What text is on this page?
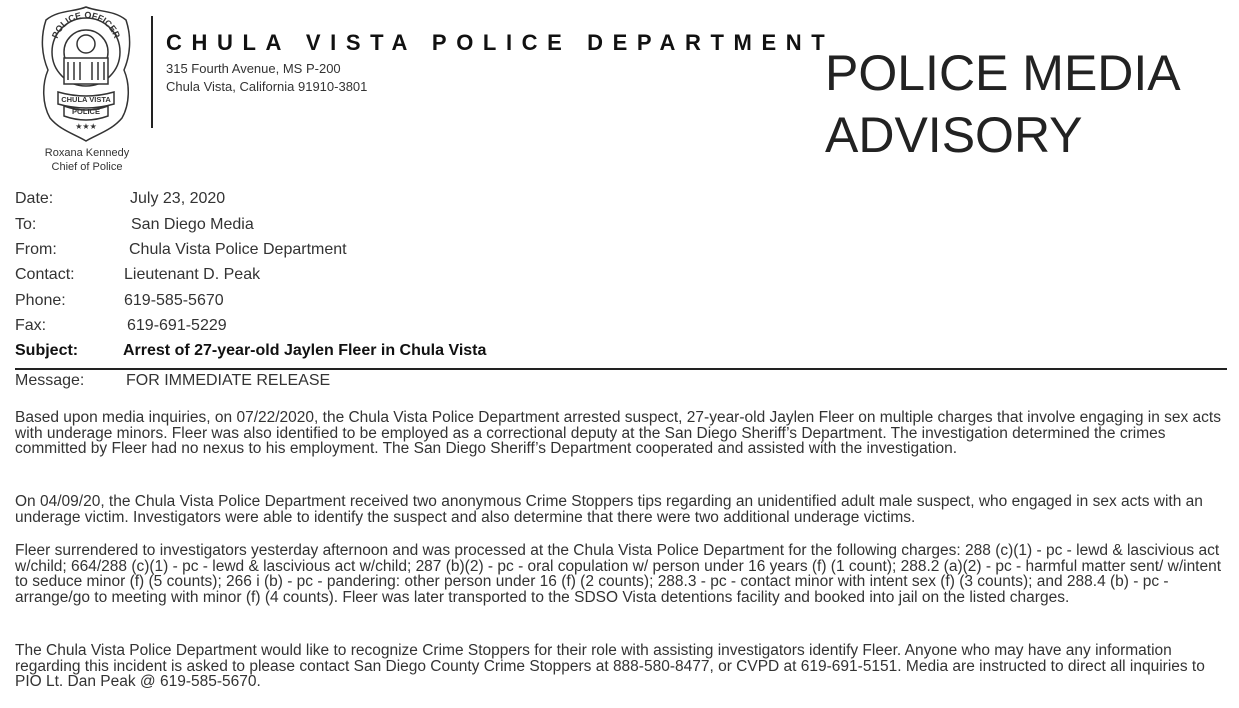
POLICE OFFICER
CHULA VISTA
POLICE
★★★
Roxana Kennedy
Chief of Police
CHULA VISTA POLICE DEPARTMENT
315 Fourth Avenue, MS P-200
Chula Vista, California 91910-3801	POLICE MEDIA
ADVISORY
Date:	July 23, 2020
To:	San Diego Media
From:	Chula Vista Police Department
Contact:	Lieutenant D. Peak
Phone:	619-585-5670
Fax:	619-691-5229
Subject:	Arrest of 27-year-old Jaylen Fleer in Chula Vista
Message:	FOR IMMEDIATE RELEASE

Based upon media inquiries, on 07/22/2020, the Chula Vista Police Department arrested suspect, 27-year-old Jaylen Fleer on multiple charges that involve engaging in sex acts with underage minors. Fleer was also identified to be employed as a correctional deputy at the San Diego Sheriff’s Department. The investigation determined the crimes committed by Fleer had no nexus to his employment. The San Diego Sheriff’s Department cooperated and assisted with the investigation.

On 04/09/20, the Chula Vista Police Department received two anonymous Crime Stoppers tips regarding an unidentified adult male suspect, who engaged in sex acts with an underage victim. Investigators were able to identify the suspect and also determine that there were two additional underage victims.

Fleer surrendered to investigators yesterday afternoon and was processed at the Chula Vista Police Department for the following charges: 288 (c)(1) - pc - lewd & lascivious act w/child; 664/288 (c)(1) - pc - lewd & lascivious act w/child; 287 (b)(2) - pc - oral copulation w/ person under 16 years (f) (1 count); 288.2 (a)(2) - pc - harmful matter sent/ w/intent to seduce minor (f) (5 counts); 266 i (b) - pc - pandering: other person under 16 (f) (2 counts); 288.3 - pc - contact minor with intent sex (f) (3 counts); and 288.4 (b) - pc - arrange/go to meeting with minor (f) (4 counts). Fleer was later transported to the SDSO Vista detentions facility and booked into jail on the listed charges.

The Chula Vista Police Department would like to recognize Crime Stoppers for their role with assisting investigators identify Fleer. Anyone who may have any information regarding this incident is asked to please contact San Diego County Crime Stoppers at 888-580-8477, or CVPD at 619-691-5151. Media are instructed to direct all inquiries to PIO Lt. Dan Peak @ 619-585-5670.
